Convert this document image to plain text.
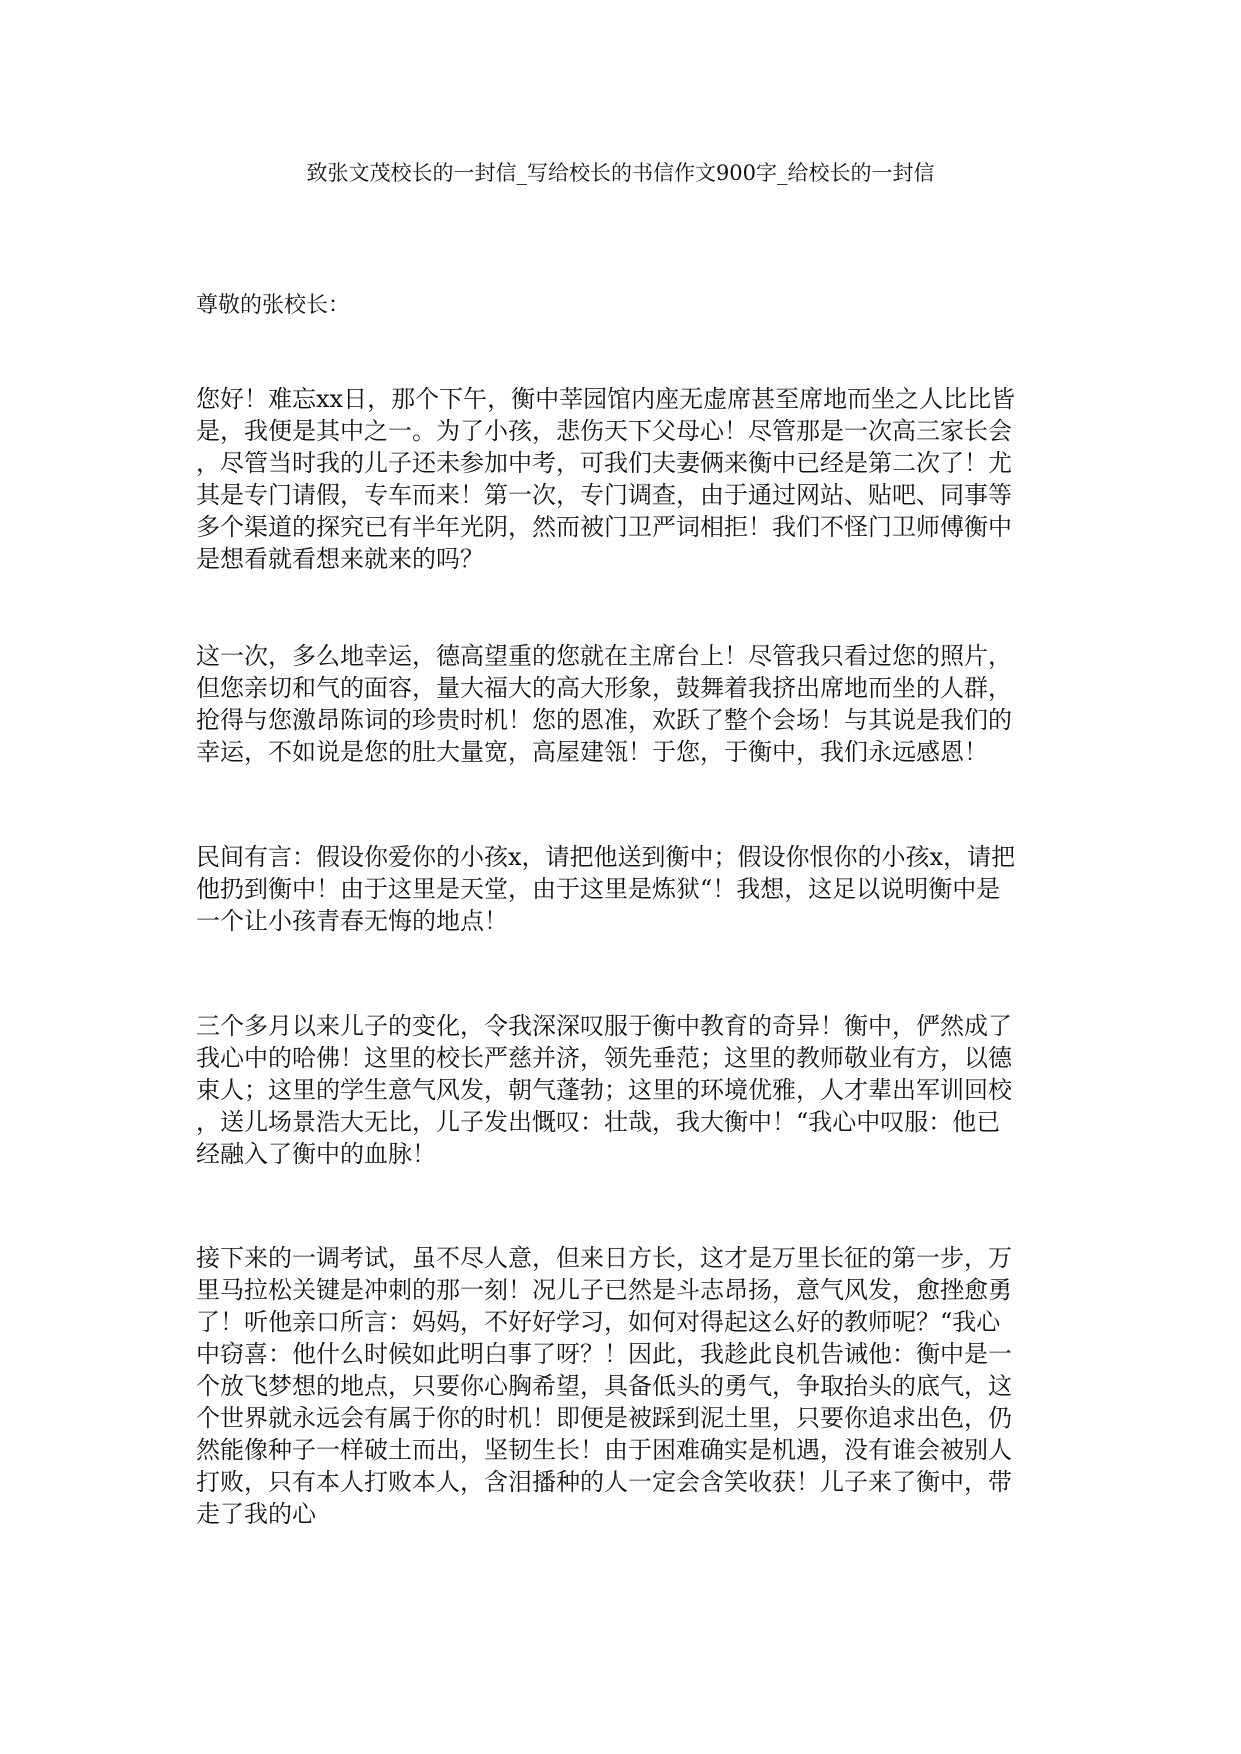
致张文茂校长的一封信_写给校长的书信作文900字_给校长的一封信
尊敬的张校长：
您好！难忘xx日，那个下午，衡中莘园馆内座无虚席甚至席地而坐之人比比皆
是，我便是其中之一。为了小孩，悲伤天下父母心！尽管那是一次高三家长会
，尽管当时我的儿子还未参加中考，可我们夫妻俩来衡中已经是第二次了！尤
其是专门请假，专车而来！第一次，专门调查，由于通过网站、贴吧、同事等
多个渠道的探究已有半年光阴，然而被门卫严词相拒！我们不怪门卫师傅衡中
是想看就看想来就来的吗？
这一次，多么地幸运，德高望重的您就在主席台上！尽管我只看过您的照片，
但您亲切和气的面容，量大福大的高大形象，鼓舞着我挤出席地而坐的人群，
抢得与您激昂陈词的珍贵时机！您的恩准，欢跃了整个会场！与其说是我们的
幸运，不如说是您的肚大量宽，高屋建瓴！于您，于衡中，我们永远感恩！
民间有言：假设你爱你的小孩x，请把他送到衡中；假设你恨你的小孩x，请把
他扔到衡中！由于这里是天堂，由于这里是炼狱“！我想，这足以说明衡中是
一个让小孩青春无悔的地点！
三个多月以来儿子的变化，令我深深叹服于衡中教育的奇异！衡中，俨然成了
我心中的哈佛！这里的校长严慈并济，领先垂范；这里的教师敬业有方，以德
束人；这里的学生意气风发，朝气蓬勃；这里的环境优雅，人才辈出军训回校
，送儿场景浩大无比，儿子发出慨叹：壮哉，我大衡中！“我心中叹服：他已
经融入了衡中的血脉！
接下来的一调考试，虽不尽人意，但来日方长，这才是万里长征的第一步，万
里马拉松关键是冲刺的那一刻！况儿子已然是斗志昂扬，意气风发，愈挫愈勇
了！听他亲口所言：妈妈，不好好学习，如何对得起这么好的教师呢？“我心
中窃喜：他什么时候如此明白事了呀？！因此，我趁此良机告诫他：衡中是一
个放飞梦想的地点，只要你心胸希望，具备低头的勇气，争取抬头的底气，这
个世界就永远会有属于你的时机！即便是被踩到泥土里，只要你追求出色，仍
然能像种子一样破土而出，坚韧生长！由于困难确实是机遇，没有谁会被别人
打败，只有本人打败本人，含泪播种的人一定会含笑收获！儿子来了衡中，带
走了我的心
